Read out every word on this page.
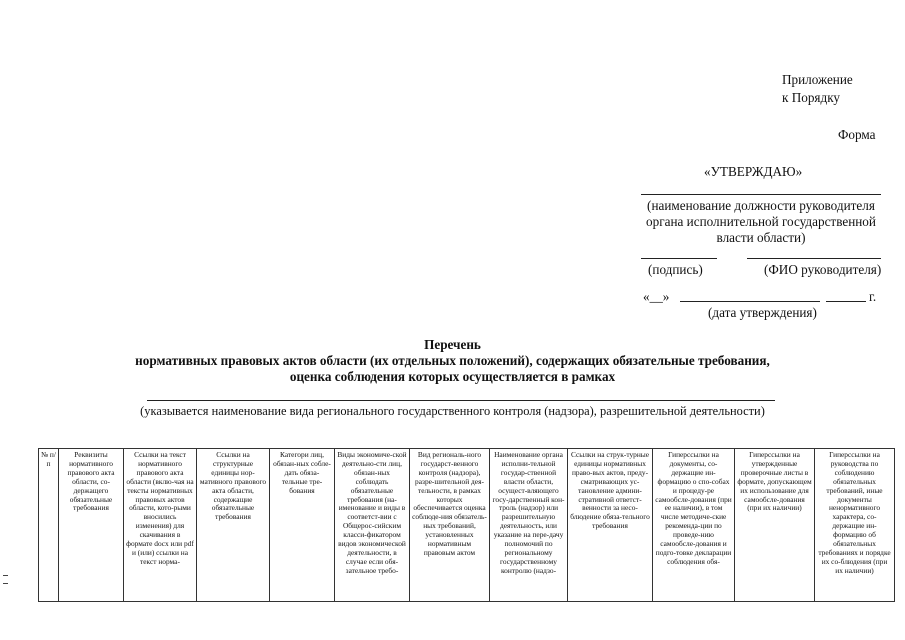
Приложение
к Порядку
Форма
«УТВЕРЖДАЮ»
(наименование должности руководителя
органа исполнительной государственной
власти области)
(подпись)	(ФИО руководителя)
«__»	г.
(дата утверждения)
Перечень
нормативных правовых актов области (их отдельных положений), содержащих обязательные требования,
оценка соблюдения которых осуществляется в рамках
(указывается наименование вида регионального государственного контроля (надзора), разрешительной деятельности)
№ п/п	Реквизиты нормативного правового акта области, со-держащего обязательные требования	Ссылки на текст нормативного правового акта области (вклю-чая на тексты нормативных правовых актов области, кото-рыми вносились изменения) для скачивания в формате docx или pdf и (или) ссылки на текст норма-	Ссылки на структурные единицы нор-мативного правового акта области, содержащие обязательные требования	Категори лиц, обязан-ных собле-дать обяза-тельные тре-бования	Виды экономиче-ской деятельно-сти лиц, обязан-ных соблюдать обязательные требования (на-именование и виды в соответст-вии с Общерос-сийским класси-фикатором видов экономической деятельности, в случае если обя-зательное требо-	Вид региональ-ного государст-венного контроля (надзора), разре-шительной дея-тельности, в рамках которых обеспечивается оценка соблюде-ния обязатель-ных требований, установленных нормативным правовым актом	Наименование органа исполни-тельной государ-ственной власти области, осущест-вляющего госу-дарственный кон-троль (надзор) или разрешительную деятельность, или указание на пере-дачу полномочий по региональному государственному контролю (надзо-	Ссылки на струк-турные единицы нормативных право-вых актов, преду-сматривающих ус-тановление админи-стративной ответст-венности за несо-блюдение обяза-тельного требования	Гиперссылки на документы, со-держащие ин-формацию о спо-собах и процеду-ре самообсле-дования (при ее наличии), в том числе методиче-ские рекоменда-ции по проведе-нию самообсле-дования и подго-товке декларации соблюдения обя-	Гиперссылки на утвержденные проверочные листы в формате, допускающем их использование для самообсле-дования (при их наличии)	Гиперссылки на руководства по соблюдению обязательных требований, иные документы ненормативного характера, со-держащие ин-формацию об обязательных требованиях и порядке их со-блюдения (при их наличии)
